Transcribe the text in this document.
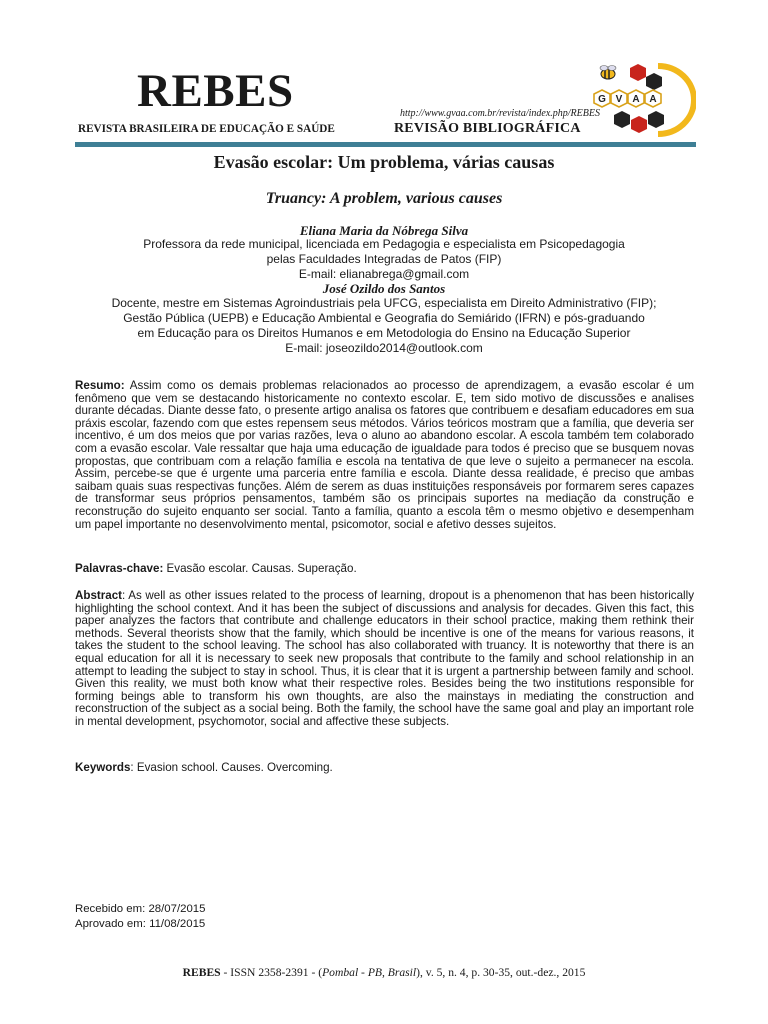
REBES
REVISTA BRASILEIRA DE EDUCAÇÃO E SAÚDE
http://www.gvaa.com.br/revista/index.php/REBES
REVISÃO BIBLIOGRÁFICA
G V A A
Evasão escolar: Um problema, várias causas
Truancy: A problem, various causes
Eliana Maria da Nóbrega Silva
Professora da rede municipal, licenciada em Pedagogia e especialista em Psicopedagogia
pelas Faculdades Integradas de Patos (FIP)
E-mail: elianabrega@gmail.com
José Ozildo dos Santos
Docente, mestre em Sistemas Agroindustriais pela UFCG, especialista em Direito Administrativo (FIP);
Gestão Pública (UEPB) e Educação Ambiental e Geografia do Semiárido (IFRN) e pós-graduando
em Educação para os Direitos Humanos e em Metodologia do Ensino na Educação Superior
E-mail: joseozildo2014@outlook.com
Resumo: Assim como os demais problemas relacionados ao processo de aprendizagem, a evasão escolar é um fenômeno que vem se destacando historicamente no contexto escolar. E, tem sido motivo de discussões e analises durante décadas. Diante desse fato, o presente artigo analisa os fatores que contribuem e desafiam educadores em sua práxis escolar, fazendo com que estes repensem seus métodos. Vários teóricos mostram que a família, que deveria ser incentivo, é um dos meios que por varias razões, leva o aluno ao abandono escolar. A escola também tem colaborado com a evasão escolar. Vale ressaltar que haja uma educação de igualdade para todos é preciso que se busquem novas propostas, que contribuam com a relação família e escola na tentativa de que leve o sujeito a permanecer na escola. Assim, percebe-se que é urgente uma parceria entre família e escola. Diante dessa realidade, é preciso que ambas saibam quais suas respectivas funções. Além de serem as duas instituições responsáveis por formarem seres capazes de transformar seus próprios pensamentos, também são os principais suportes na mediação da construção e reconstrução do sujeito enquanto ser social. Tanto a família, quanto a escola têm o mesmo objetivo e desempenham um papel importante no desenvolvimento mental, psicomotor, social e afetivo desses sujeitos.
Palavras-chave: Evasão escolar. Causas. Superação.
Abstract: As well as other issues related to the process of learning, dropout is a phenomenon that has been historically highlighting the school context. And it has been the subject of discussions and analysis for decades. Given this fact, this paper analyzes the factors that contribute and challenge educators in their school practice, making them rethink their methods. Several theorists show that the family, which should be incentive is one of the means for various reasons, it takes the student to the school leaving. The school has also collaborated with truancy. It is noteworthy that there is an equal education for all it is necessary to seek new proposals that contribute to the family and school relationship in an attempt to leading the subject to stay in school. Thus, it is clear that it is urgent a partnership between family and school. Given this reality, we must both know what their respective roles. Besides being the two institutions responsible for forming beings able to transform his own thoughts, are also the mainstays in mediating the construction and reconstruction of the subject as a social being. Both the family, the school have the same goal and play an important role in mental development, psychomotor, social and affective these subjects.
Keywords: Evasion school. Causes. Overcoming.
Recebido em: 28/07/2015
Aprovado em: 11/08/2015
REBES - ISSN 2358-2391 - (Pombal - PB, Brasil), v. 5, n. 4, p. 30-35, out.-dez., 2015
